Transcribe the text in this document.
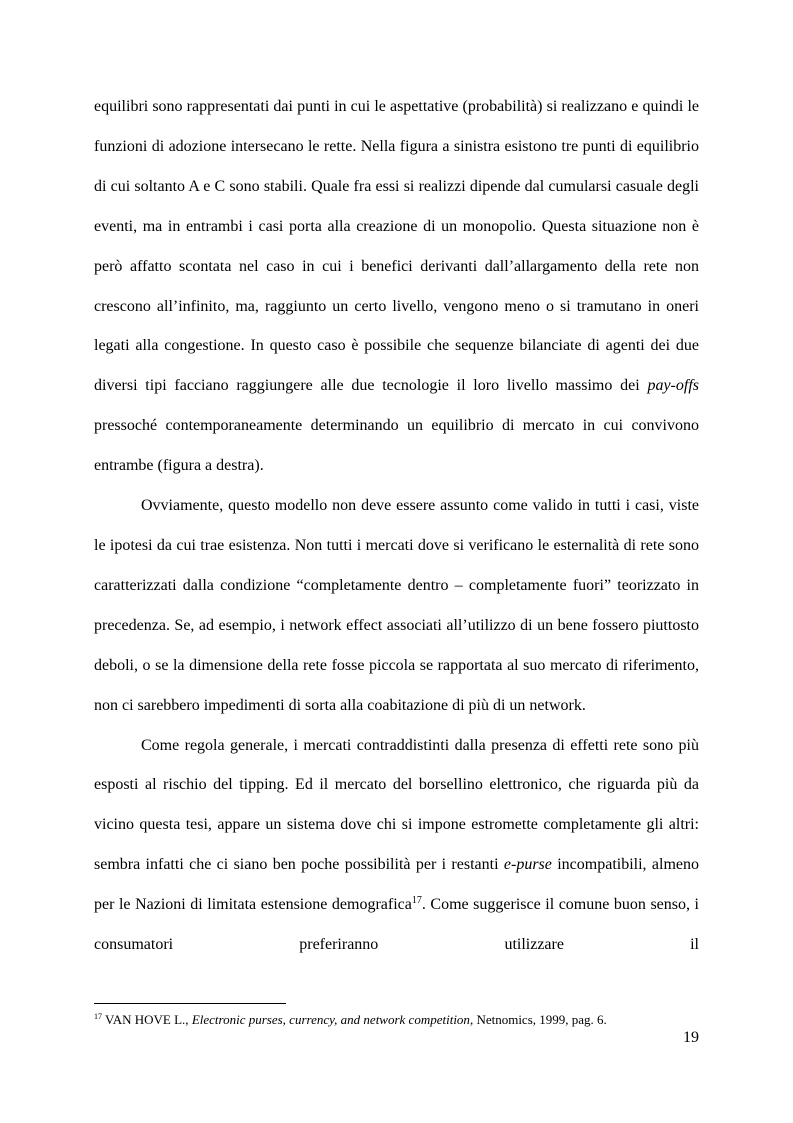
equilibri sono rappresentati dai punti in cui le aspettative (probabilità) si realizzano e quindi le funzioni di adozione intersecano le rette. Nella figura a sinistra esistono tre punti di equilibrio di cui soltanto A e C sono stabili. Quale fra essi si realizzi dipende dal cumularsi casuale degli eventi, ma in entrambi i casi porta alla creazione di un monopolio. Questa situazione non è però affatto scontata nel caso in cui i benefici derivanti dall’allargamento della rete non crescono all’infinito, ma, raggiunto un certo livello, vengono meno o si tramutano in oneri legati alla congestione. In questo caso è possibile che sequenze bilanciate di agenti dei due diversi tipi facciano raggiungere alle due tecnologie il loro livello massimo dei pay-offs pressoché contemporaneamente determinando un equilibrio di mercato in cui convivono entrambe (figura a destra).

Ovviamente, questo modello non deve essere assunto come valido in tutti i casi, viste le ipotesi da cui trae esistenza. Non tutti i mercati dove si verificano le esternalità di rete sono caratterizzati dalla condizione “completamente dentro – completamente fuori” teorizzato in precedenza. Se, ad esempio, i network effect associati all’utilizzo di un bene fossero piuttosto deboli, o se la dimensione della rete fosse piccola se rapportata al suo mercato di riferimento, non ci sarebbero impedimenti di sorta alla coabitazione di più di un network.

Come regola generale, i mercati contraddistinti dalla presenza di effetti rete sono più esposti al rischio del tipping. Ed il mercato del borsellino elettronico, che riguarda più da vicino questa tesi, appare un sistema dove chi si impone estromette completamente gli altri: sembra infatti che ci siano ben poche possibilità per i restanti e-purse incompatibili, almeno per le Nazioni di limitata estensione demografica$^{17}$. Come suggerisce il comune buon senso, i consumatori preferiranno utilizzare il

$^{17}$ VAN HOVE L., Electronic purses, currency, and network competition, Netnomics, 1999, pag. 6.
19
